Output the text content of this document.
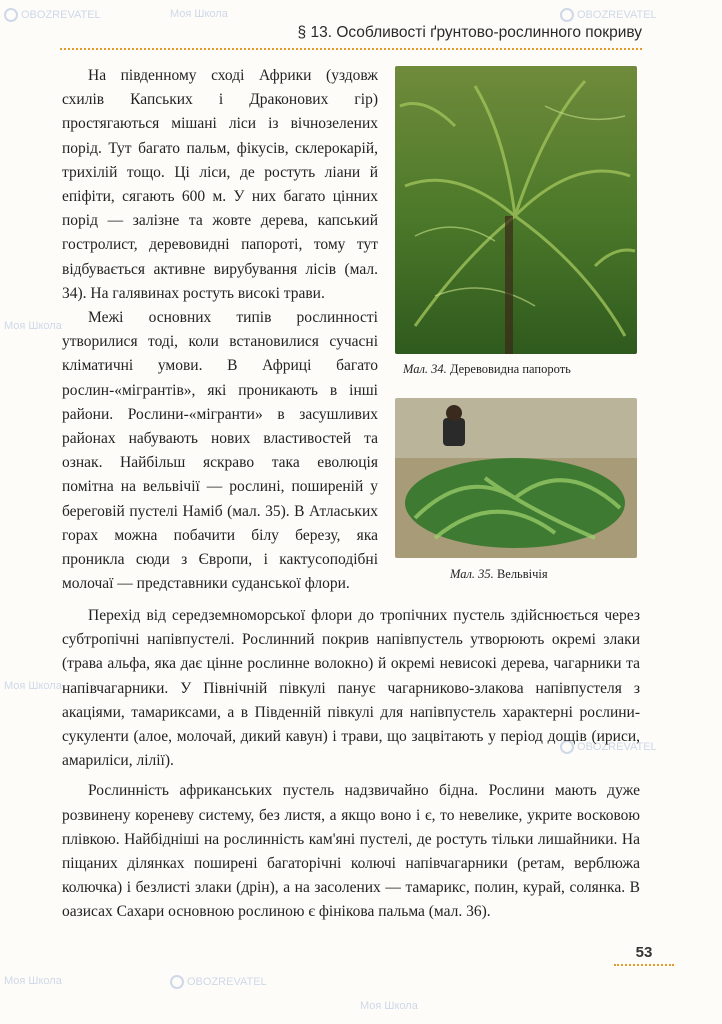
OBOZREVATEL	Моя Школа	OBOZREVATEL
Моя Школа
Моя Школа
OBOZREVATEL
Моя Школа	OBOZREVATEL
Моя Школа
§ 13. Особливості ґрунтово-рослинного покриву

На південному сході Африки (уздовж схилів Капських і Драконових гір) простягаються мішані ліси із вічнозелених порід. Тут багато пальм, фікусів, склерокарій, трихілій тощо. Ці ліси, де ростуть ліани й епіфіти, сягають 600 м. У них багато цінних порід — залізне та жовте дерева, капський гостролист, деревовидні папороті, тому тут відбувається активне вирубування лісів (мал. 34). На галявинах ростуть високі трави.

Межі основних типів рослинності утворилися тоді, коли встановилися сучасні кліматичні умови. В Африці багато рослин-«мігрантів», які проникають в інші райони. Рослини-«мігранти» в засушливих районах набувають нових властивостей та ознак. Найбільш яскраво така еволюція помітна на вельвічії — рослині, поширеній у береговій пустелі Наміб (мал. 35). В Атлаських горах можна побачити білу березу, яка проникла сюди з Європи, і кактусоподібні молочаї — представники суданської флори.

Мал. 34. Деревовидна папороть
Мал. 35. Вельвічія

Перехід від середземноморської флори до тропічних пустель здійснюється через субтропічні напівпустелі. Рослинний покрив напівпустель утворюють окремі злаки (трава альфа, яка дає цінне рослинне волокно) й окремі невисокі дерева, чагарники та напівчагарники. У Північній півкулі панує чагарниково-злакова напівпустеля з акаціями, тамариксами, а в Південній півкулі для напівпустель характерні рослини-сукуленти (алое, молочай, дикий кавун) і трави, що зацвітають у період дощів (ириси, амариліси, лілії).

Рослинність африканських пустель надзвичайно бідна. Рослини мають дуже розвинену кореневу систему, без листя, а якщо воно і є, то невелике, укрите восковою плівкою. Найбідніші на рослинність кам'яні пустелі, де ростуть тільки лишайники. На піщаних ділянках поширені багаторічні колючі напівчагарники (ретам, верблюжа колючка) і безлисті злаки (дрін), а на засолених — тамарикс, полин, курай, солянка. В оазисах Сахари основною рослиною є фінікова пальма (мал. 36).

53
